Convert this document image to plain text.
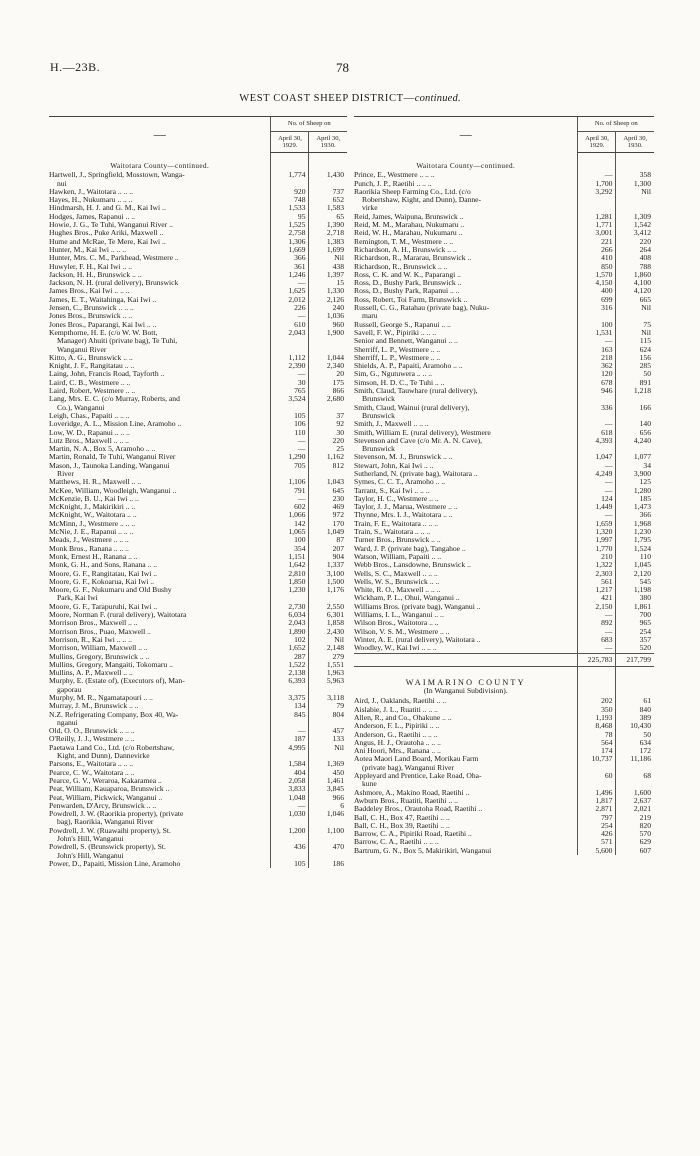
H.—23B.	78
WEST COAST SHEEP DISTRICT—continued.
—	No. of Sheep on	
	April 30,
1929.	April 30,
1930.

Waitotara County—continued.		
Hartwell, J., Springfield, Mosstown, Wanga-	1,774	1,430
nui		
Hawken, J., Waitotara .. .. ..	920	737
Hayes, H., Nukumaru .. .. ..	748	652
Hindmarsh, H. J. and G. M., Kai Iwi ..	1,533	1,583
Hodges, James, Rapanui .. ..	95	65
Howie, J. G., Te Tuhi, Wanganui River ..	1,525	1,390
Hughes Bros., Puke Ariki, Maxwell ..	2,758	2,718
Hume and McRae, Te Mere, Kai Iwi ..	1,306	1,383
Hunter, M., Kai Iwi .. .. ..	1,669	1,699
Hunter, Mrs. C. M., Parkhead, Westmere ..	366	Nil
Huwyler, F. H., Kai Iwi .. ..	361	438
Jackson, H. H., Brunswick .. ..	1,246	1,397
Jackson, N. H. (rural delivery), Brunswick	—	15
James Bros., Kai Iwi .. .. ..	1,625	1,330
James, E. T., Waitahinga, Kai Iwi ..	2,012	2,126
Jensen, C., Brunswick .. .. ..	226	240
Jones Bros., Brunswick .. ..	—	1,036
Jones Bros., Paparangi, Kai Iwi .. ..	610	960
Kempthorne, H. E. (c/o W. W. Bott,	2,043	1,900
Manager) Ahuiti (private bag), Te Tuhi,		
Wanganui River		
Kitto, A. G., Brunswick .. ..	1,112	1,044
Knight, J. F., Rangitatau .. ..	2,390	2,340
Laing, John, Francis Road, Tayforth ..	—	20
Laird, C. B., Westmere .. ..	30	175
Laird, Robert, Westmere .. ..	765	866
Lang, Mrs. E. C. (c/o Murray, Roberts, and	3,524	2,680
Co.), Wanganui		
Leigh, Chas., Papaiti .. .. ..	105	37
Loveridge, A. L., Mission Line, Aramoho ..	106	92
Low, W. D., Rapanui .. .. ..	110	30
Lutz Bros., Maxwell .. .. ..	—	220
Martin, N. A., Box 5, Aramoho .. ..	—	25
Martin, Ronald, Te Tuhi, Wanganui River	1,290	1,162
Mason, J., Taunoka Landing, Wanganui	705	812
River		
Matthews, H. R., Maxwell .. ..	1,106	1,043
McKee, William, Woodleigh, Wanganui ..	791	645
McKenzie, B. U., Kai Iwi .. ..	—	230
McKnight, J., Makirikiri .. ..	602	469
McKnight, W., Waitotara .. ..	1,066	972
McMinn, J., Westmere .. .. ..	142	170
McNie, J. E., Rapanui .. .. ..	1,065	1,049
Meads, J., Westmere .. .. ..	100	87
Monk Bros., Ranana .. .. ..	354	207
Monk, Ernest H., Ranana .. ..	1,151	904
Monk, G. H., and Sons, Ranana .. ..	1,642	1,337
Moore, G. F., Rangitatau, Kai Iwi ..	2,810	3,100
Moore, G. F., Kokoarua, Kai Iwi ..	1,850	1,500
Moore, G. F., Nukumaru and Old Bushy	1,230	1,176
Park, Kai Iwi		
Moore, G. F., Tarapuruhi, Kai Iwi ..	2,730	2,550
Moore, Norman F. (rural delivery), Waitotara	6,034	6,301
Morrison Bros., Maxwell .. ..	2,043	1,858
Morrison Bros., Puao, Maxwell ..	1,890	2,430
Morrison, R., Kai Iwi .. .. ..	102	Nil
Morrison, William, Maxwell .. ..	1,652	2,148
Mullins, Gregory, Brunswick .. ..	287	279
Mullins, Gregory, Mangaiti, Tokomaru ..	1,522	1,551
Mullins, A. P., Maxwell .. ..	2,138	1,963
Murphy, E. (Estate of), (Executors of), Man-	6,393	5,963
gaporau		
Murphy, M. R., Ngamatapouri .. ..	3,375	3,118
Murray, J. M., Brunswick .. ..	134	79
N.Z. Refrigerating Company, Box 40, Wa-	845	804
nganui		
Old, O. O., Brunswick .. .. ..	—	457
O'Reilly, J. J., Westmere .. ..	187	133
Paetawa Land Co., Ltd. (c/o Robertshaw,	4,995	Nil
Kight, and Dunn), Dannevirke		
Parsons, E., Waitotara .. .. ..	1,584	1,369
Pearce, C. W., Waitotara .. ..	404	450
Pearce, G. V., Weraroa, Kakaramea ..	2,058	1,461
Peat, William, Kauaparoa, Brunswick ..	3,833	3,845
Peat, William, Pickwick, Wanganui ..	1,048	966
Penwarden, D'Arcy, Brunswick .. ..	—	6
Powdrell, J. W. (Raorikia property), (private	1,030	1,046
bag), Raorikia, Wanganui River		
Powdrell, J. W. (Ruawaihi property), St.	1,200	1,100
John's Hill, Wanganui		
Powdrell, S. (Brunswick property), St.	436	470
John's Hill, Wanganui		
Power, D., Papaiti, Mission Line, Aramoho	105	186
—	No. of Sheep on	
	April 30,
1929.	April 30,
1930.

Waitotara County—continued.		
Prince, E., Westmere .. .. ..	—	358
Punch, J. P., Raetihi .. .. ..	1,700	1,300
Raorikia Sheep Farming Co., Ltd. (c/o	3,292	Nil
Robertshaw, Kight, and Dunn), Danne-		
virke		
Reid, James, Waipuna, Brunswick ..	1,281	1,309
Reid, M. M., Marahau, Nukumaru ..	1,771	1,542
Reid, W. H., Marahau, Nukumaru ..	3,001	3,412
Remington, T. M., Westmere .. ..	221	220
Richardson, A. H., Brunswick .. ..	266	264
Richardson, R., Mararau, Brunswick ..	410	408
Richardson, R., Brunswick .. ..	850	788
Ross, C. K. and W. K., Paparangi ..	1,570	1,860
Ross, D., Bushy Park, Brunswick ..	4,150	4,100
Ross, D., Bushy Park, Rapanui .. ..	400	4,120
Ross, Robert, Toi Farm, Brunswick ..	699	665
Russell, C. G., Ratahau (private bag), Nuku-	316	Nil
maru		
Russell, George S., Rapanui .. ..	100	75
Savell, F. W., Pipiriki .. .. ..	1,531	Nil
Senior and Bennett, Wanganui .. ..	—	115
Sherriff, L. P., Westmere .. ..	163	624
Sherriff, L. P., Westmere .. ..	218	156
Shields, A. P., Papaiti, Aramoho .. ..	362	285
Sim, G., Ngutuwera .. .. ..	120	50
Simson, H. D. C., Te Tuhi .. ..	678	891
Smith, Claud, Tauwhare (rural delivery),	946	1,218
Brunswick		
Smith, Claud, Wainui (rural delivery),	336	166
Brunswick		
Smith, J., Maxwell .. .. ..	—	140
Smith, William E. (rural delivery), Westmere	618	656
Stevenson and Cave (c/o Mr. A. N. Cave),	4,393	4,240
Brunswick		
Stevenson, M. J., Brunswick .. ..	1,047	1,077
Stewart, John, Kai Iwi .. ..	—	34
Sutherland, N. (private bag), Waitotara ..	4,249	3,900
Symes, C. C. T., Aramoho .. ..	—	125
Tarrant, S., Kai Iwi .. .. ..	—	1,280
Taylor, H. C., Westmere .. ..	124	185
Taylor, J. J., Marua, Westmere .. ..	1,449	1,473
Thynne, Mrs. I. J., Waitotara .. ..	—	366
Train, F. E., Waitotara .. .. ..	1,659	1,968
Train, S., Waitotara .. .. ..	1,320	1,230
Turner Bros., Brunswick .. ..	1,997	1,795
Ward, J. P. (private bag), Tangahoe ..	1,770	1,524
Watson, William, Papaiti .. ..	210	110
Webb Bros., Lansdowne, Brunswick ..	1,322	1,045
Wells, S. C., Maxwell .. .. ..	2,303	2,120
Wells, W. S., Brunswick .. ..	561	545
White, R. O., Maxwell .. .. ..	1,217	1,198
Wickham, P. L., Ohui, Wanganui ..	421	380
Williams Bros. (private bag), Wanganui ..	2,150	1,861
Williams, I. L., Wanganui .. ..	—	700
Wilson Bros., Waitotora .. ..	892	965
Wilson, V. S. M., Westmere .. ..	—	254
Winter, A. E. (rural delivery), Waitotara ..	683	357
Woodley, W., Kai Iwi .. .. ..	—	520
	225,783	217,799
WAIMARINO COUNTY		
(In Wanganui Subdivision).		
Aird, J., Oaklands, Raetihi .. ..	202	61
Aislabie, J. L., Ruatiti .. .. ..	350	840
Allen, R., and Co., Ohakune .. ..	1,193	389
Anderson, F. L., Pipiriki .. ..	8,468	10,430
Anderson, G., Raetihi .. .. ..	78	50
Angus, H. J., Orautoha .. .. ..	564	634
Ani Hoori, Mrs., Ranana .. ..	174	172
Aotea Maori Land Board, Morikau Farm	10,737	11,186
(private bag), Wanganui River		
Appleyard and Prentice, Lake Road, Oha-	60	68
kune		
Ashmore, A., Makino Road, Raetihi ..	1,496	1,600
Awburn Bros., Ruatiti, Raetihi .. ..	1,817	2,637
Baddeley Bros., Orautoha Road, Raetihi ..	2,871	2,021
Ball, C. H., Box 47, Raetihi .. ..	797	219
Ball, C. H., Box 39, Raetihi .. ..	254	820
Barrow, C. A., Pipiriki Road, Raetihi ..	426	570
Barrow, C. A., Raetihi .. .. ..	571	629
Bartrum, G. N., Box 5, Makirikiri, Wanganui	5,600	607
